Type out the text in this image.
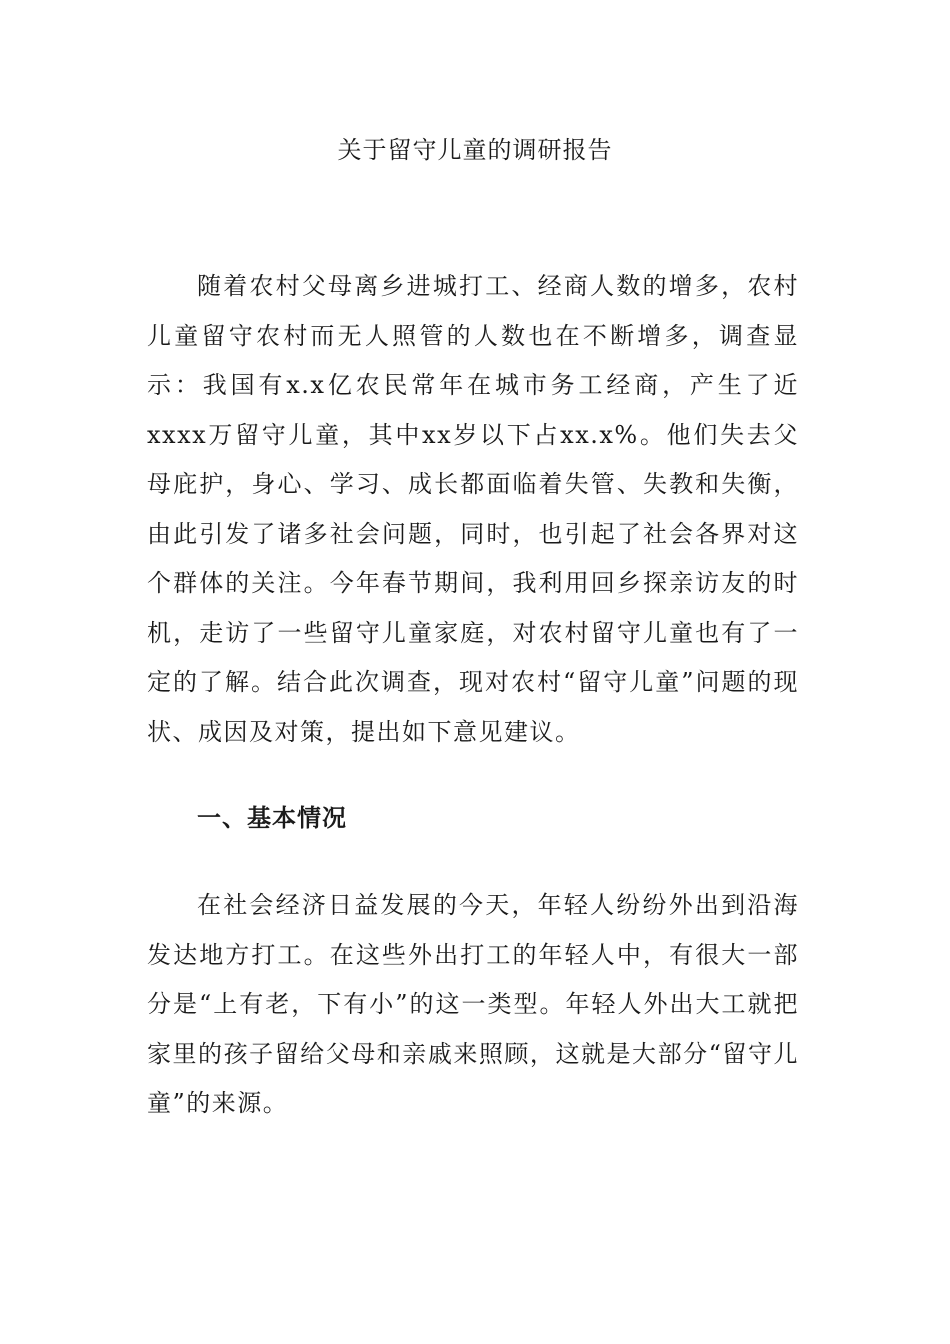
关于留守儿童的调研报告

随着农村父母离乡进城打工、经商人数的增多，农村儿童留守农村而无人照管的人数也在不断增多，调查显示：我国有x.x亿农民常年在城市务工经商，产生了近xxxx万留守儿童，其中xx岁以下占xx.x%。他们失去父母庇护，身心、学习、成长都面临着失管、失教和失衡，由此引发了诸多社会问题，同时，也引起了社会各界对这个群体的关注。今年春节期间，我利用回乡探亲访友的时机，走访了一些留守儿童家庭，对农村留守儿童也有了一定的了解。结合此次调查，现对农村“留守儿童”问题的现状、成因及对策，提出如下意见建议。

一、基本情况

在社会经济日益发展的今天，年轻人纷纷外出到沿海发达地方打工。在这些外出打工的年轻人中，有很大一部分是“上有老，下有小”的这一类型。年轻人外出大工就把家里的孩子留给父母和亲戚来照顾，这就是大部分“留守儿童”的来源。
